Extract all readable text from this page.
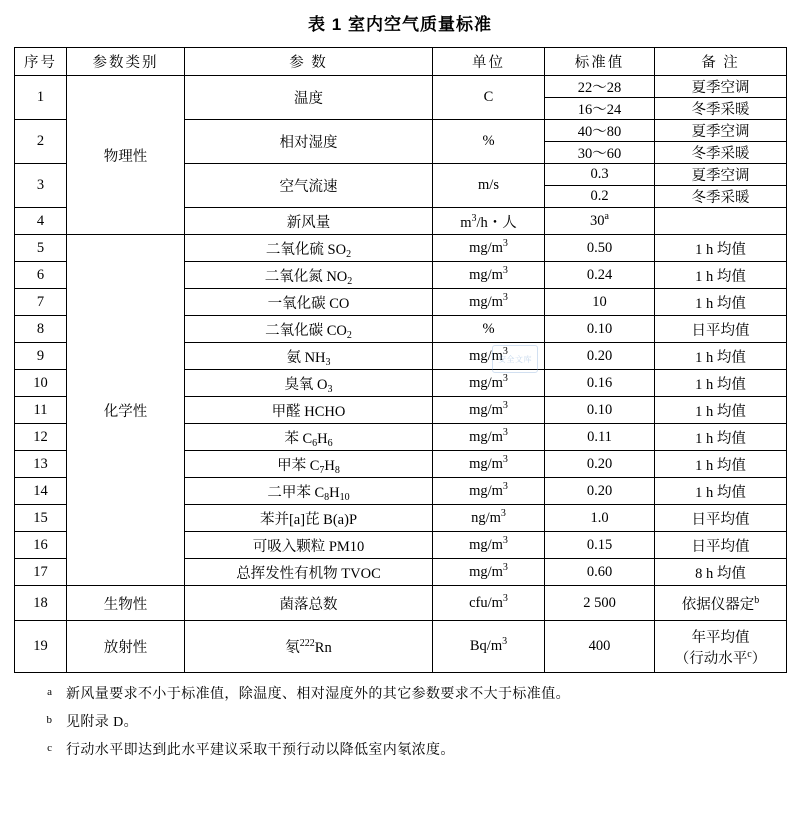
表 1 室内空气质量标准
序号	参数类别	参 数	单位	标准值	备 注
1	物理性	温度	C	22～28	夏季空调
				16～24	冬季采暖
2		相对湿度	%	40～80	夏季空调
				30～60	冬季采暖
3		空气流速	m/s	0.3	夏季空调
				0.2	冬季采暖
4		新风量	$m^3/h$・人	30$^a$	
5	化学性	二氧化硫 $SO_2$	$mg/m^3$	0.50	1 h 均值
6		二氧化氮 $NO_2$	$mg/m^3$	0.24	1 h 均值
7		一氧化碳 CO	$mg/m^3$	10	1 h 均值
8		二氧化碳 $CO_2$	%	0.10	日平均值
9		氨 $NH_3$	$mg/m^3$	0.20	1 h 均值
10		臭氧 $O_3$	$mg/m^3$	0.16	1 h 均值
11		甲醛 HCHO	$mg/m^3$	0.10	1 h 均值
12		苯 $C_6H_6$	$mg/m^3$	0.11	1 h 均值
13		甲苯 $C_7H_8$	$mg/m^3$	0.20	1 h 均值
14		二甲苯 $C_8H_{10}$	$mg/m^3$	0.20	1 h 均值
15		苯并[a]芘 B(a)P	$ng/m^3$	1.0	日平均值
16		可吸入颗粒 PM10	$mg/m^3$	0.15	日平均值
17		总挥发性有机物 TVOC	$mg/m^3$	0.60	8 h 均值
18	生物性	菌落总数	cfu/$m^3$	2 500	依据仪器定$^b$
19	放射性	氡$^{222}$Rn	$Bq/m^3$	400	年平均值
（行动水平$^c$）
a	新风量要求不小于标准值，除温度、相对湿度外的其它参数要求不大于标准值。
b	见附录 D。
c	行动水平即达到此水平建议采取干预行动以降低室内氡浓度。
安全文库
